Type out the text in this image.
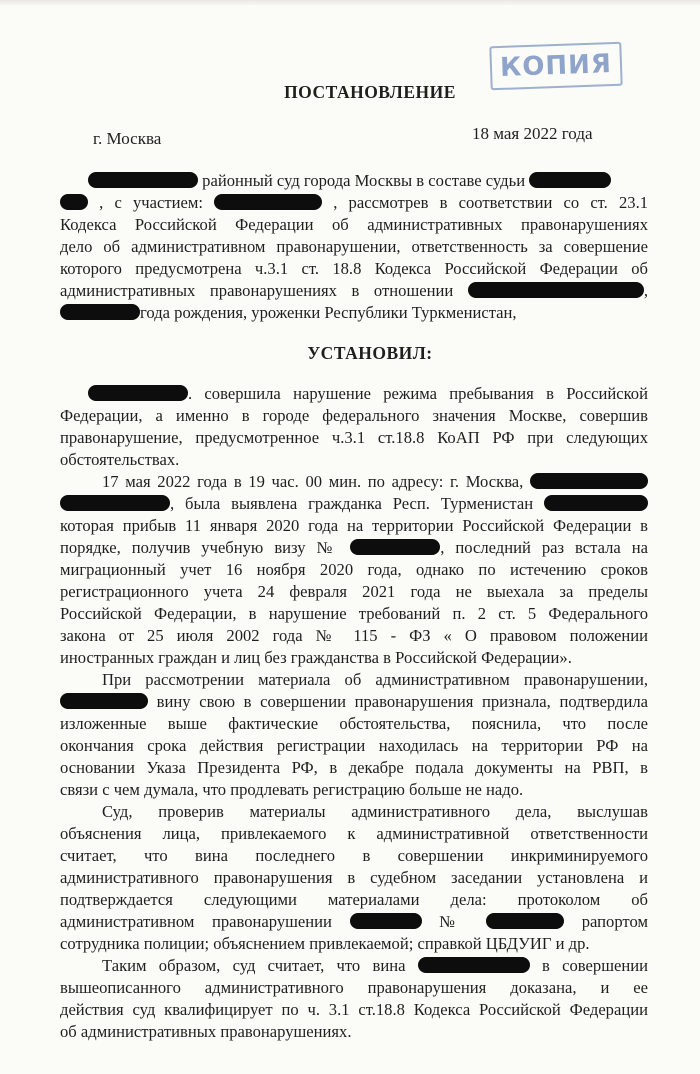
КОПИЯ
ПОСТАНОВЛЕНИЕ
г. Москва	18 мая 2022 года
районный суд города Москвы в составе судьи
, с участием:	, рассмотрев в соответствии со ст. 23.1
Кодекса Российской Федерации об административных правонарушениях
дело об административном правонарушении, ответственность за совершение
которого предусмотрена ч.3.1 ст. 18.8 Кодекса Российской Федерации об
административных правонарушениях в отношении	,
года рождения, уроженки Республики Туркменистан,
УСТАНОВИЛ:
. совершила нарушение режима пребывания в Российской
Федерации, а именно в городе федерального значения Москве, совершив
правонарушение, предусмотренное ч.3.1 ст.18.8 КоАП РФ при следующих
обстоятельствах.
17 мая 2022 года в 19 час. 00 мин. по адресу: г. Москва,
, была выявлена гражданка Респ. Турменистан
которая прибыв 11 января 2020 года на территории Российской Федерации в
порядке, получив учебную визу №	, последний раз встала на
миграционный учет 16 ноября 2020 года, однако по истечению сроков
регистрационного учета 24 февраля 2021 года не выехала за пределы
Российской Федерации, в нарушение требований п. 2 ст. 5 Федерального
закона от 25 июля 2002 года № 115 - ФЗ « О правовом положении
иностранных граждан и лиц без гражданства в Российской Федерации».
При рассмотрении материала об административном правонарушении,
вину свою в совершении правонарушения признала, подтвердила
изложенные выше фактические обстоятельства, пояснила, что после
окончания срока действия регистрации находилась на территории РФ на
основании Указа Президента РФ, в декабре подала документы на РВП, в
связи с чем думала, что продлевать регистрацию больше не надо.
Суд, проверив материалы административного дела, выслушав
объяснения лица, привлекаемого к административной ответственности
считает, что вина последнего в совершении инкриминируемого
административного правонарушения в судебном заседании установлена и
подтверждается следующими материалами дела: протоколом об
административном правонарушении	№	рапортом
сотрудника полиции; объяснением привлекаемой; справкой ЦБДУИГ и др.
Таким образом, суд считает, что вина	в совершении
вышеописанного административного правонарушения доказана, и ее
действия суд квалифицирует по ч. 3.1 ст.18.8 Кодекса Российской Федерации
об административных правонарушениях.
